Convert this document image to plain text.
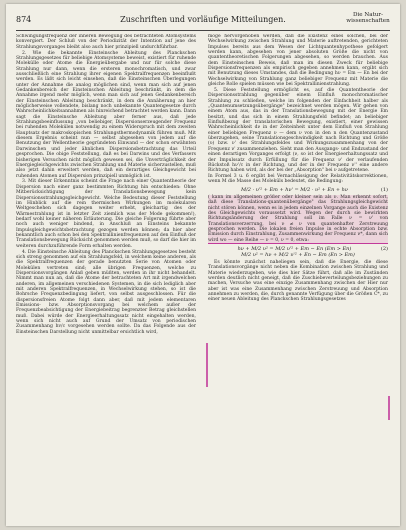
874	Zuschriften und vorläufige Mitteilungen.	Die Natur-
wissenschaften

Schwingungsfrequenz der inneren Bewegung des betrachteten Atomsystems konvergiert. Der Schluß von der Periodizität der Intention auf jene des Strahlungsvorganges bleibt also auch hier prinzipiell undurchführbar.

2. Wie die bekannte Einsteinsche Ableitung des Planckschen Strahlungsgesetzes für beliebige Atomsysteme beweist, existiert für ruhende Molekülle oder Atome die Energieübergabe und nur für solche diese Strahlung nur dann, wenn die ersteren monochromatisch, und zwar ausschließlich eine Strahlung ihrer eigenen Spektralfrequenzen beeinflußt werden. Es läßt sich leicht einsehen, daß die Einsteinschen Überlegungen unter der Annahme die analog möglichen sind, wenn man sich auf jenen Gedankenbereich der Einsteinschen Ableitung beschränkt, in dem die Annahme irgend mehr möglich, wenn man sich auf jenen Gedankenbereich der Einsteinschen Ableitung beschränkt, in dem die Annäherung an hier möglicherweise vollendete, bislang noch unbekannte Quantengesetze durch Wahrscheinlichkeitsannahmen als hinreichend betrachtet werden kann. Dann sagt die Einsteinsche Ableitung aber ferner aus, daß jede Strahlungsbeeinflussung „von beliebiger, Dispersionserzeugender Frequenz bei ruhenden Molekülen notwendig zu einem Widerspruch mit dem zweiten Hauptsatz der makroskopischen Strahlungsthermodynamik führen muß. Mit diesem Ergebnis scheint nun — selbst abgesehen von jedem auf die Benutzung der Wellentheorie gegründeten Einwand — der schon erwähnten Darwinschen und jeder ähnlichen Dispersionsbetrachtung das Urteil gesprochen. Die obige Feststellung, daß es bei Darwins und des Verfassers bisherigen Versuchen nicht möglich gewesen sei, die Unverträglichkeit der Energiegleichgewichts zwischen Strahlung und Materie sicherzustellen, muß also jetzt dahin erweitert werden, daß ein derartiges Gleichgewicht bei ruhenden Atomen auf Dispersion prinzipiell unmöglich ist.

3. Mit dieser Erkenntnis scheint die Frage nach einer Quantentheorie der Dispersion nach einer ganz bestimmten Richtung hin entschieden: Ohne Mitberücksichtigung der Translationsbewegung kein Dispersionsstrahlungsgleichgewicht. Welche Bedeutung dieser Feststellung im Hinblick auf die rein thermischen Wirkungen im molekularen Weltgeschehen sich dagegen weiter erhebt, gleichartig des der Wärmestrahlung ist in letzter Zeit ziemlich was der Mode gekommen!), bedarf wohl keiner näheren Erläuterung. Die gleiche Folgerung führte aber noch auch weniger bindend, in Anschluß an Einsteins bekannte Impulsgleichgewichtsbetrachtung gezogen werden können; da hier aber bekanntlich auch schon bei den Spektrallinienfrequenzen auf den Einfluß der Translationsbewegung Rücksicht genommen werden muß, so darf die hier im weiteren durchzuführende Form erhalten werden.

4. Die Einsteinsche Ableitung des Planckschen Strahlungsgesetzes besteht sich streng genommen auf ein Strahlungsfeld, in welchem keine anderen, als die Spektralfrequenzen der gerade benutzten Serie von Atomen oder Molekülen vertreten sind; alle übrigen Frequenzen, welche zu Dispersionsvorgängen Anlaß geben müßten, werden in ihr nicht behandelt. Nimmt man nun an, daß die Atome der betrachteten Art mit irgendwelchen anderen, im allgemeinen verschiedenen Systemen, in die sich lediglich aber mit anderen Spektralfrequenzen, in Wechselwirkung stehen, so ist die Bohrsche Frequenzbedingung liefert, von selbst ausgeschlossen. Für die dispersionsfreien Atome folgt dann aber, daß mit jedem elementaren Emissions- bzw. Absorptionsvorgang bei welchem außer der Frequenzbeabsichtigung der Energiebeitrag begrenzter Betrag gleichstellen muß. Dabei würde der Energieerhaltungssatz nicht eingehalten werden, wenn sich nicht auch auf Grund der Umsatz von periodischen Zusammenhang hv/c vorgesehen werden sollte. Da das Folgende aus der Einsteinschen Darstellung nicht unmittelbar ersichtlich wird,

möge hervorgehoben werden, daß die Existenz eines solchen, bei der Wechselwirkung zwischen Strahlung und Materie auftretenden, gerichteten Impulses bereits aus dem Wesen der Lichtquantenhypothese gefolgert werden kann, abgesehen von jener absoluten Größe die nicht von quantentheoretischen Folgerungen abgesehen, so werden brauchen. Aus dem Einsteinschen Beweis, daß man im diesen Zweck für beliebige Dispersionsfrequenzen als empirisch gegeben annehmen kann, ergibt sich mit Benutzung dieses Umstandes, daß die Bedingung hν = Em — En bei der Wechselwirkung von Strahlung ganz beliebiger Frequenz mit Materie die gleiche Rolle spielen müssen wie bei Spektrallinienstrahlung.

5. Diese Feststellung ermöglicht es, auf die Quantentheorie der Dispersionsstrahlung gegenüber einem Einfluß monochromatischer Strahlung zu schließen, welche im folgenden der Einfachheit halber als „Quantenumsetzungsübergänge" bezeichnet werden mögen. Wir gehen von einem Atom aus, das in der Translationsbewegung mit der Energie Em besitzt, und das sich in einem Strahlungsfeld befindet; an beliebiger Einflußbezug der translatorischen Bewegung, existiert, einer gewissen Wahrscheinlichkeit dν in der Zeiteinheit unter dem Einfluß von Strahlung einer beliebigen Frequenz ν — dem ν von in den n den Quantenzustand überzugehen, seine Translationsgeschwindigkeit nach Richtung und Größe (υ) bzw. ν' des Strahlungsfeldes und Wirkungszusammenhang von der Frequenz ν' zusammenziehen. Sieht man den Ausgangs- und Endzustand der einen derartigen Vorganges erfolgt (ν, so ist der Energieerhaltungssatz und der Impulssatz durch Erfüllung für die Frequenz ν' der verlaufenden Rückstoß hν'/c in der Richtung, und der in der Frequenz ν'' eine andere Richtung haben wird, als der bei der „Absorption" bei ν aufgetretene.

In Formel 3 u. 6 ergibt bei Vernachlässigung der Relativitätskorrektionen, wenn M die Masse des Moleküls bedeutet, die Bedingung:

(1)
M/2 · υ'² + Em + hν' = M/2 · υ² + En + hν

( kann im allgemeinen größer oder kleiner sein als ν. Man erkennt sofort, daß diese Translations-quantenübergänge" das Strahlungsgleichgewicht nicht stören können, wenn es in jedem einzelnen Vorgange auch die Existenz des Gleichgewichts voraussetzt wird. Wegen der durch sie bewirkten Richtungsänderung der Strahlung soll im Falle ν = ν' von Translationsverzerrung, bei ν ≠ ν von quantenhafter Zerstreuung gesprochen werden. Die lokalen freien Impulse in echte Absorption bzw. Emission durch Einstrahlung, Zusammenwirkung der Frequenz ν*, dann sich wird wo — eine Reihe — ν = 0, ν = 0, etwa:

(2)
hν + M/2 υ² = M/2 υ'² + Em − En (Em > En)
M/2 υ² = hν + M/2 υ'² + En − Em (En > Em)

Es könnte zunächst naheliegen sein, daß die Energie, die diese Translationsvorgänge nicht neben die Kombination zwischen Strahlung und Materie wiederzugeben, wie dies hier Sätze führt, daß alle im Zuständen werden deutlich nicht geneigt, daß die Zuschiebeverteilungsbeziehungen zu machen, Versuche was eine einzige Zusammenhang zwischen der Hier nur aber ist was eine Zusammenhang zwischen Zerstreuung und Absorption annehmen zu werden, die, durch genannte Verfügung über die Größen C*, zu einer neuen Ableitung des Planckschen Strahlungsgesetzes
